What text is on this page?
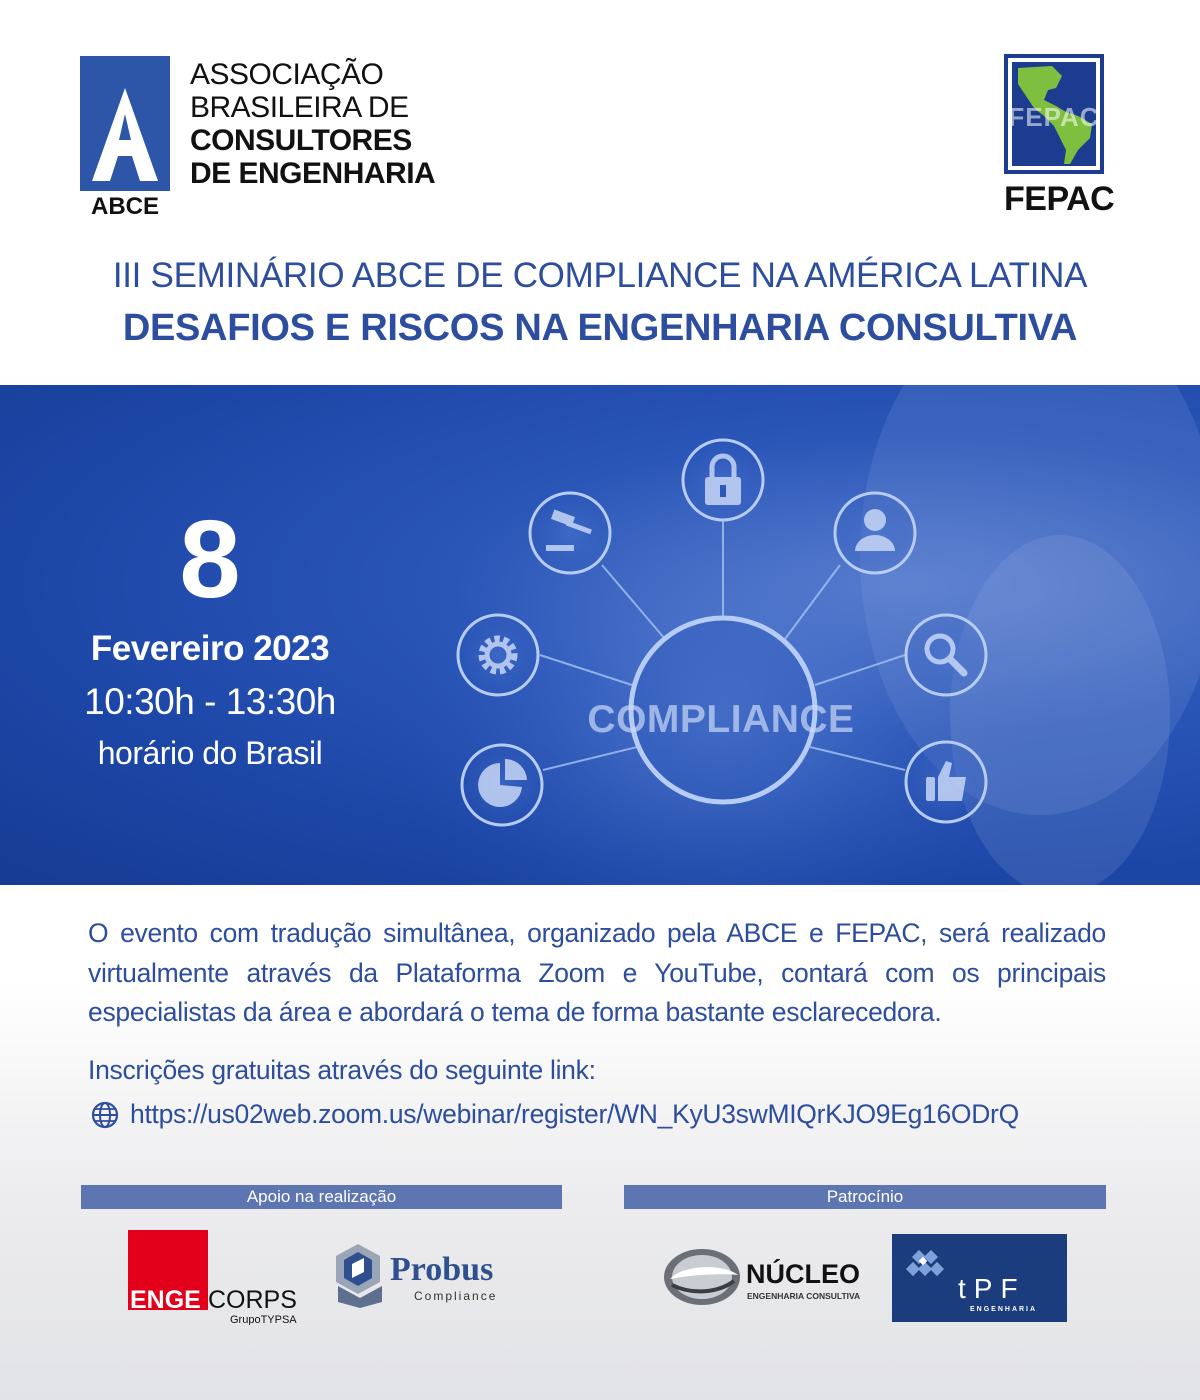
ABCE
ASSOCIAÇÃO
BRASILEIRA DE
CONSULTORES
DE ENGENHARIA
FEPAC
FEPAC
III SEMINÁRIO ABCE DE COMPLIANCE NA AMÉRICA LATINA
DESAFIOS E RISCOS NA ENGENHARIA CONSULTIVA
COMPLIANCE
8
Fevereiro 2023
10:30h - 13:30h
horário do Brasil
O evento com tradução simultânea, organizado pela ABCE e FEPAC, será realizado virtualmente através da Plataforma Zoom e YouTube, contará com os principais especialistas da área e abordará o tema de forma bastante esclarecedora.
Inscrições gratuitas através do seguinte link:
https://us02web.zoom.us/webinar/register/WN_KyU3swMIQrKJO9Eg16ODrQ
Apoio na realização	Patrocínio
ENGE CORPS
GrupoTYPSA
Probus
Compliance
NÚCLEO
ENGENHARIA CONSULTIVA	tPF
ENGENHARIA
